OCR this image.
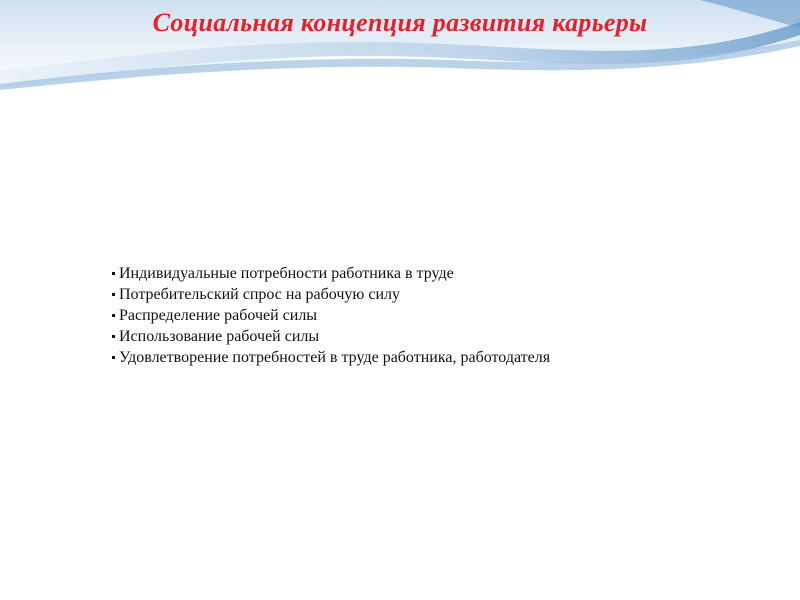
Социальная концепция развития карьеры
Индивидуальные потребности работника в труде
Потребительский спрос на рабочую силу
Распределение рабочей силы
Использование рабочей силы
Удовлетворение потребностей в труде работника, работодателя
